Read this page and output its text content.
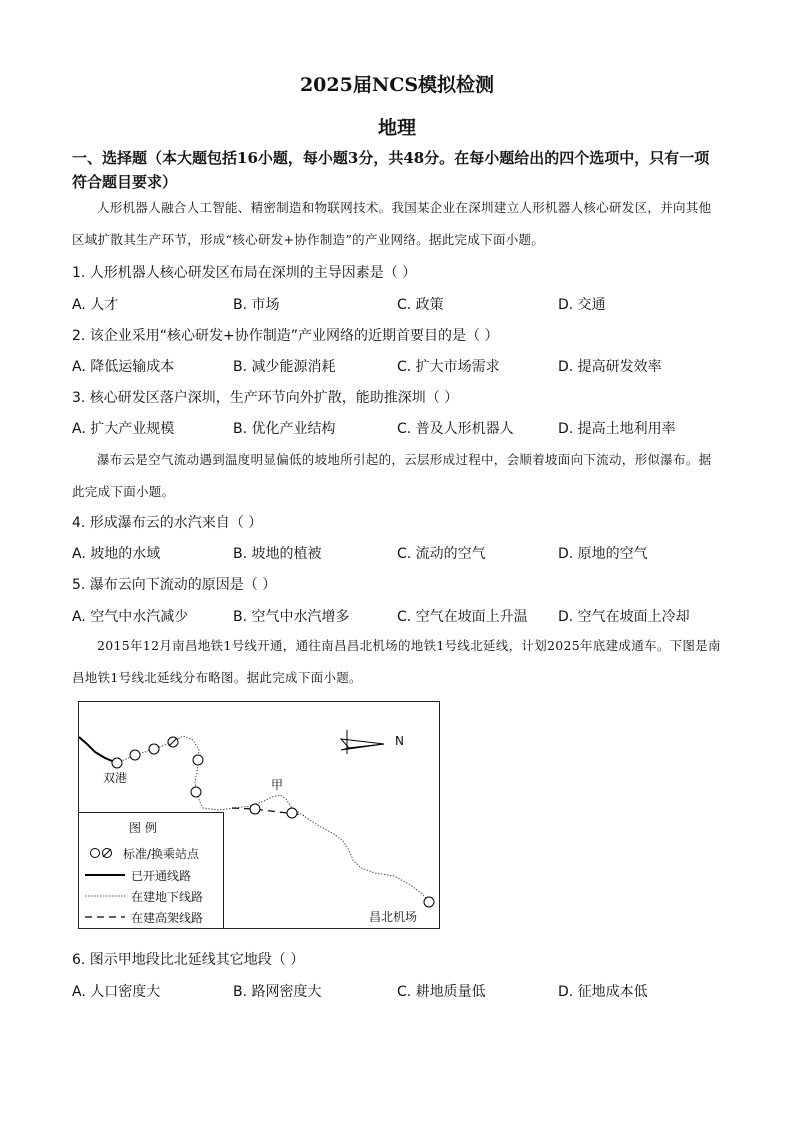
2025届NCS模拟检测
地理
一、选择题（本大题包括16小题，每小题3分，共48分。在每小题给出的四个选项中，只有一项符合题目要求）
人形机器人融合人工智能、精密制造和物联网技术。我国某企业在深圳建立人形机器人核心研发区，并向其他区域扩散其生产环节，形成“核心研发+协作制造”的产业网络。据此完成下面小题。
1. 人形机器人核心研发区布局在深圳的主导因素是（ ）
A. 人才	B. 市场	C. 政策	D. 交通
2. 该企业采用“核心研发+协作制造”产业网络的近期首要目的是（ ）
A. 降低运输成本	B. 减少能源消耗	C. 扩大市场需求	D. 提高研发效率
3. 核心研发区落户深圳，生产环节向外扩散，能助推深圳（ ）
A. 扩大产业规模	B. 优化产业结构	C. 普及人形机器人	D. 提高土地利用率
瀑布云是空气流动遇到温度明显偏低的坡地所引起的，云层形成过程中，会顺着坡面向下流动，形似瀑布。据此完成下面小题。
4. 形成瀑布云的水汽来自（ ）
A. 坡地的水域	B. 坡地的植被	C. 流动的空气	D. 原地的空气
5. 瀑布云向下流动的原因是（ ）
A. 空气中水汽减少	B. 空气中水汽增多	C. 空气在坡面上升温 D. 空气在坡面上冷却
2015年12月南昌地铁1号线开通，通往南昌昌北机场的地铁1号线北延线，计划2025年底建成通车。下图是南昌地铁1号线北延线分布略图。据此完成下面小题。
N
双港	甲
昌北机场
图 例
标准/换乘站点
已开通线路
在建地下线路
在建高架线路
6. 图示甲地段比北延线其它地段（ ）
A. 人口密度大	B. 路网密度大	C. 耕地质量低	D. 征地成本低
